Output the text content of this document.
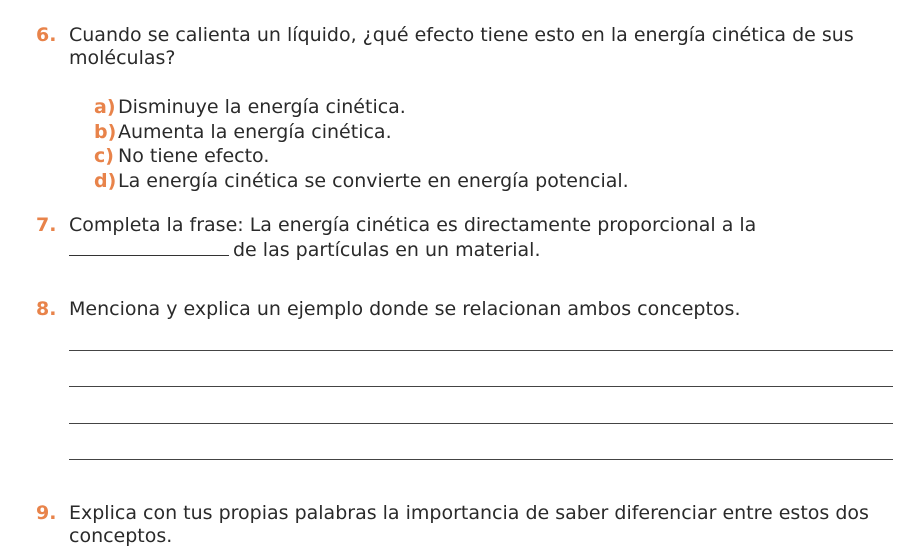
6. Cuando se calienta un líquido, ¿qué efecto tiene esto en la energía cinética de sus moléculas?
a) Disminuye la energía cinética.
b)Aumenta la energía cinética.
c) No tiene efecto.
d)La energía cinética se convierte en energía potencial.
7. Completa la frase: La energía cinética es directamente proporcional a la
de las partículas en un material.
8. Menciona y explica un ejemplo donde se relacionan ambos conceptos.
9. Explica con tus propias palabras la importancia de saber diferenciar entre estos dos conceptos.
